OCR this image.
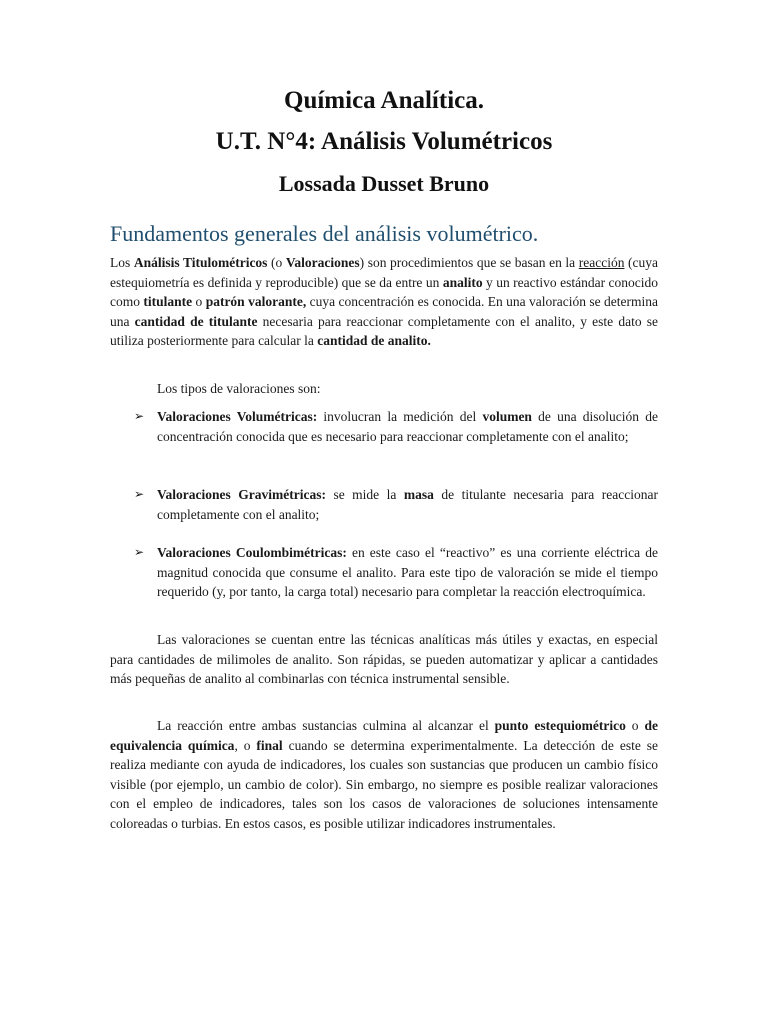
Química Analítica.
U.T. N°4: Análisis Volumétricos
Lossada Dusset Bruno
Fundamentos generales del análisis volumétrico.

Los Análisis Titulométricos (o Valoraciones) son procedimientos que se basan en la reacción (cuya estequiometría es definida y reproducible) que se da entre un analito y un reactivo estándar conocido como titulante o patrón valorante, cuya concentración es conocida. En una valoración se determina una cantidad de titulante necesaria para reaccionar completamente con el analito, y este dato se utiliza posteriormente para calcular la cantidad de analito.

Los tipos de valoraciones son:

➢ Valoraciones Volumétricas: involucran la medición del volumen de una disolución de concentración conocida que es necesario para reaccionar completamente con el analito;

➢ Valoraciones Gravimétricas: se mide la masa de titulante necesaria para reaccionar completamente con el analito;

➢ Valoraciones Coulombimétricas: en este caso el “reactivo” es una corriente eléctrica de magnitud conocida que consume el analito. Para este tipo de valoración se mide el tiempo requerido (y, por tanto, la carga total) necesario para completar la reacción electroquímica.

Las valoraciones se cuentan entre las técnicas analíticas más útiles y exactas, en especial para cantidades de milimoles de analito. Son rápidas, se pueden automatizar y aplicar a cantidades más pequeñas de analito al combinarlas con técnica instrumental sensible.

La reacción entre ambas sustancias culmina al alcanzar el punto estequiométrico o de equivalencia química, o final cuando se determina experimentalmente. La detección de este se realiza mediante con ayuda de indicadores, los cuales son sustancias que producen un cambio físico visible (por ejemplo, un cambio de color). Sin embargo, no siempre es posible realizar valoraciones con el empleo de indicadores, tales son los casos de valoraciones de soluciones intensamente coloreadas o turbias. En estos casos, es posible utilizar indicadores instrumentales.
